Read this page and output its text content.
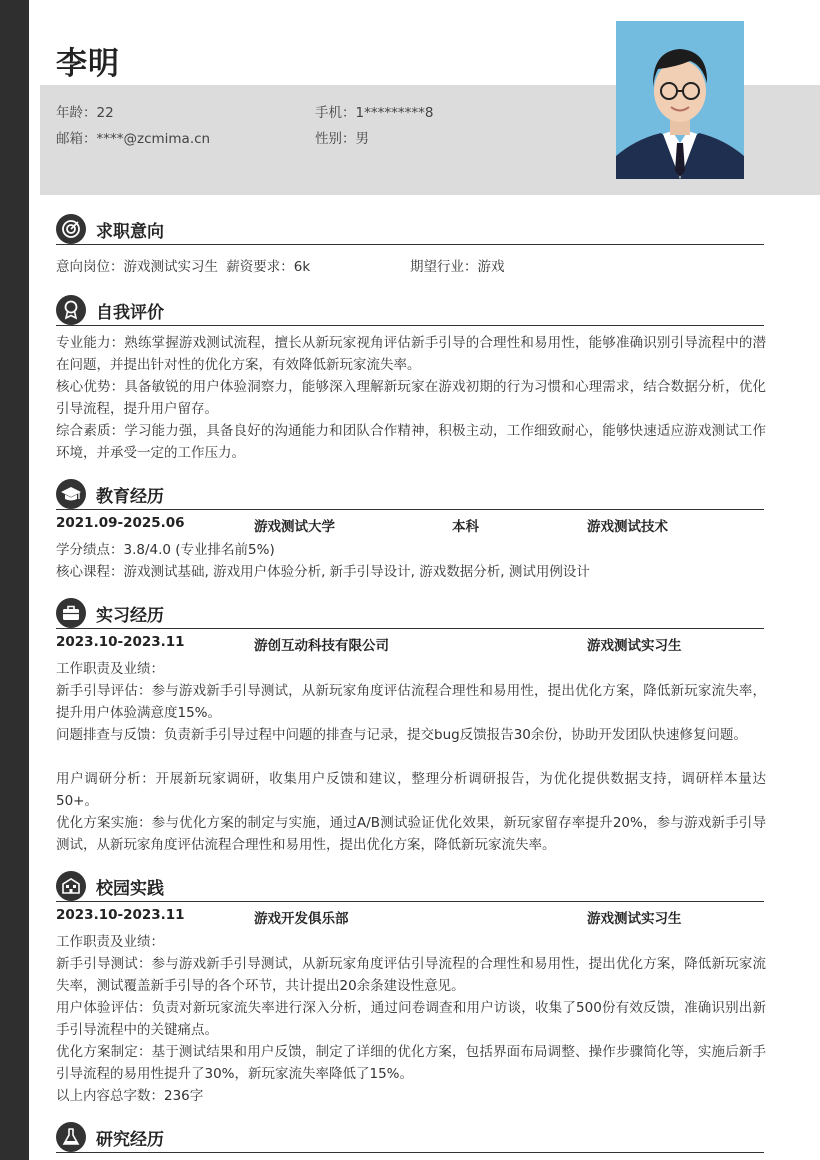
李明
年龄：22	手机：1*********8
邮箱：****@zcmima.cn	性别：男
求职意向
意向岗位：游戏测试实习生 薪资要求：6k	期望行业：游戏
自我评价
专业能力：熟练掌握游戏测试流程，擅长从新玩家视角评估新手引导的合理性和易用性，能够准确识别引导流程中的潜在问题，并提出针对性的优化方案，有效降低新玩家流失率。
核心优势：具备敏锐的用户体验洞察力，能够深入理解新玩家在游戏初期的行为习惯和心理需求，结合数据分析，优化引导流程，提升用户留存。
综合素质：学习能力强，具备良好的沟通能力和团队合作精神，积极主动，工作细致耐心，能够快速适应游戏测试工作环境，并承受一定的工作压力。
教育经历
2021.09-2025.06	游戏测试大学	本科	游戏测试技术
学分绩点：3.8/4.0 (专业排名前5%)
核心课程：游戏测试基础, 游戏用户体验分析, 新手引导设计, 游戏数据分析, 测试用例设计
实习经历
2023.10-2023.11	游创互动科技有限公司	游戏测试实习生
工作职责及业绩：
新手引导评估：参与游戏新手引导测试，从新玩家角度评估流程合理性和易用性，提出优化方案，降低新玩家流失率，提升用户体验满意度15%。
问题排查与反馈：负责新手引导过程中问题的排查与记录，提交bug反馈报告30余份，协助开发团队快速修复问题。
用户调研分析：开展新玩家调研，收集用户反馈和建议，整理分析调研报告，为优化提供数据支持，调研样本量达50+。
优化方案实施：参与优化方案的制定与实施，通过A/B测试验证优化效果，新玩家留存率提升20%，参与游戏新手引导测试，从新玩家角度评估流程合理性和易用性，提出优化方案，降低新玩家流失率。
校园实践
2023.10-2023.11	游戏开发俱乐部	游戏测试实习生
工作职责及业绩：
新手引导测试：参与游戏新手引导测试，从新玩家角度评估引导流程的合理性和易用性，提出优化方案，降低新玩家流失率，测试覆盖新手引导的各个环节，共计提出20余条建设性意见。
用户体验评估：负责对新玩家流失率进行深入分析，通过问卷调查和用户访谈，收集了500份有效反馈，准确识别出新手引导流程中的关键痛点。
优化方案制定：基于测试结果和用户反馈，制定了详细的优化方案，包括界面布局调整、操作步骤简化等，实施后新手引导流程的易用性提升了30%，新玩家流失率降低了15%。
以上内容总字数：236字
研究经历
